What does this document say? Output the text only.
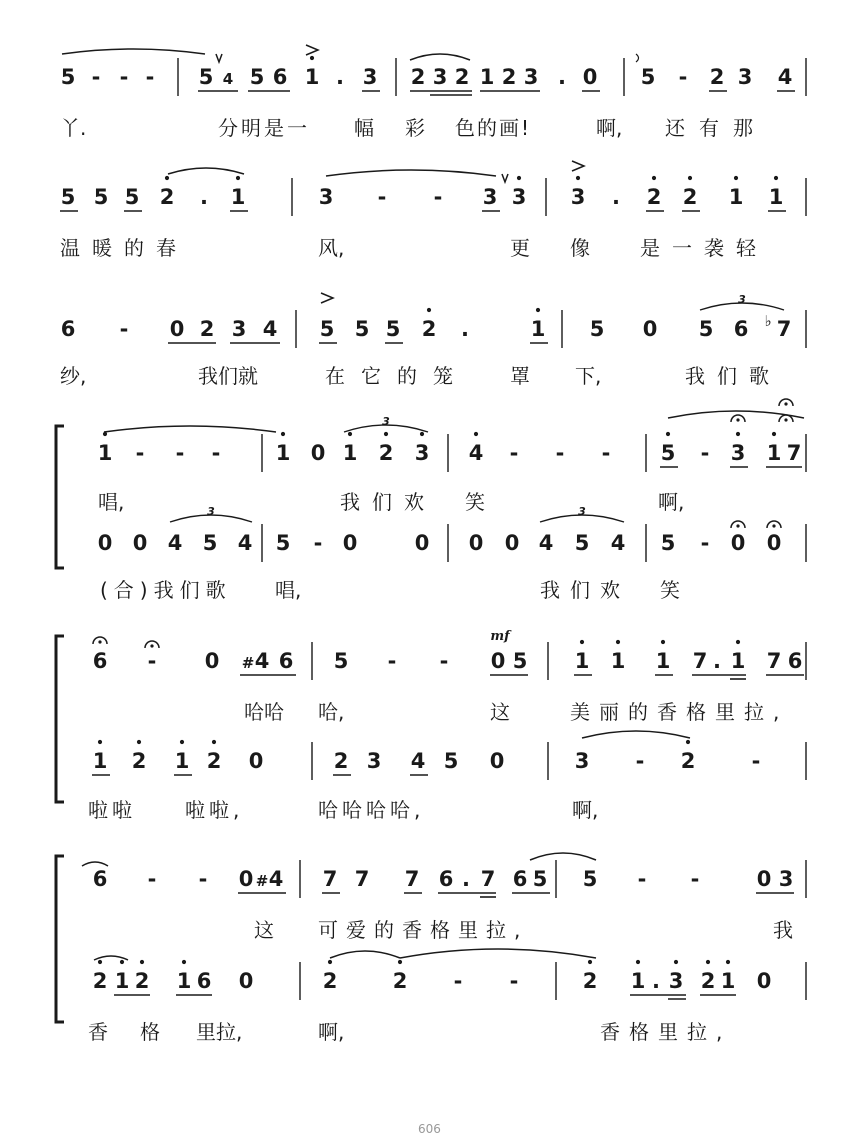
5 - - - 5 4 5 6 1 . 3 2 3 2 1 2 3 . 0 5 - 2 3 4
5 5 5 2 . 1	3 - - 3 3 3 . 2 2 1 1
6 - 0 2 3 4 5 5 5 2 .	1 5 0 5 6 ♭ 7
3
1 - - -	1 0 1 2 3
3
4 - - - 5 - 3 1 7
0 0 4 5 4
3
5 - 0	0 0 0 4 5 4
3
5 - 0 0
6 - 0 # 4 6 5 - - 0 5
mf
1 1 1 7 . 1 7 6
1 2 1 2 0	2 3 4 5 0	3 - 2	-
6 - - 0 # 4 7 7 7 6 . 7 6 5 5 - -	0 3
2 1 2 1 6 0	2	2 - -	2 1 . 3 2 1 0
丫.	分明是一 幅 彩 色的画!	啊, 还有那
温暖的春	风,	更 像	是一袭轻
纱,	我们就	在它的笼 罩 下,	我们歌
唱,	我们欢 笑	啊,
(合)我们歌 唱,	我们欢 笑
哈哈 哈,	这	美丽的香格里拉,
啦啦 啦啦,	哈哈哈哈,	啊,
这 可爱的香格里拉,	我
香 格 里拉,	啊,	香格里拉,
606
